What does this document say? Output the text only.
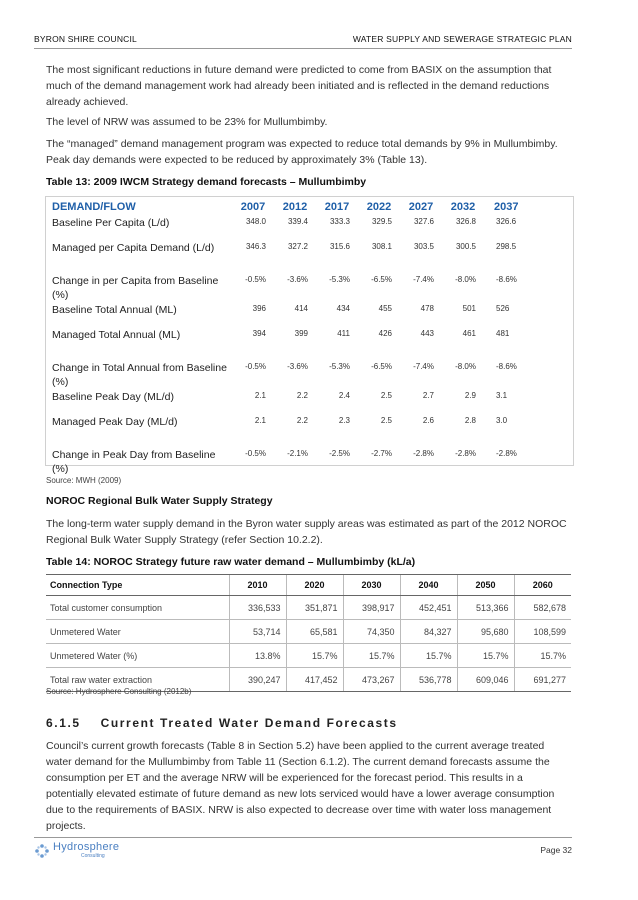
BYRON SHIRE COUNCIL	WATER SUPPLY AND SEWERAGE STRATEGIC PLAN
The most significant reductions in future demand were predicted to come from BASIX on the assumption that much of the demand management work had already been initiated and is reflected in the demand reductions already achieved.
The level of NRW was assumed to be 23% for Mullumbimby.
The “managed” demand management program was expected to reduce total demands by 9% in Mullumbimby. Peak day demands were expected to be reduced by approximately 3% (Table 13).
Table 13: 2009 IWCM Strategy demand forecasts – Mullumbimby
DEMAND/FLOW	2007	2012	2017	2022	2027	2032	2037
Baseline Per Capita (L/d)	348.0	339.4	333.3	329.5	327.6	326.8	326.6
Managed per Capita Demand (L/d)	346.3	327.2	315.6	308.1	303.5	300.5	298.5
Change in per Capita from Baseline (%)	-0.5%	-3.6%	-5.3%	-6.5%	-7.4%	-8.0%	-8.6%
Baseline Total Annual (ML)	396	414	434	455	478	501	526
Managed Total Annual (ML)	394	399	411	426	443	461	481
Change in Total Annual from Baseline (%)	-0.5%	-3.6%	-5.3%	-6.5%	-7.4%	-8.0%	-8.6%
Baseline Peak Day (ML/d)	2.1	2.2	2.4	2.5	2.7	2.9	3.1
Managed Peak Day (ML/d)	2.1	2.2	2.3	2.5	2.6	2.8	3.0
Change in Peak Day from Baseline (%)	-0.5%	-2.1%	-2.5%	-2.7%	-2.8%	-2.8%	-2.8%
Source: MWH (2009)
NOROC Regional Bulk Water Supply Strategy
The long-term water supply demand in the Byron water supply areas was estimated as part of the 2012 NOROC Regional Bulk Water Supply Strategy (refer Section 10.2.2).
Table 14: NOROC Strategy future raw water demand – Mullumbimby (kL/a)
Connection Type	2010	2020	2030	2040	2050	2060
Total customer consumption	336,533	351,871	398,917	452,451	513,366	582,678
Unmetered Water	53,714	65,581	74,350	84,327	95,680	108,599
Unmetered Water (%)	13.8%	15.7%	15.7%	15.7%	15.7%	15.7%
Total raw water extraction	390,247	417,452	473,267	536,778	609,046	691,277
Source: Hydrosphere Consulting (2012b)
6.1.5 Current Treated Water Demand Forecasts
Council’s current growth forecasts (Table 8 in Section 5.2) have been applied to the current average treated water demand for the Mullumbimby from Table 11 (Section 6.1.2). The current demand forecasts assume the consumption per ET and the average NRW will be experienced for the forecast period. This results in a potentially elevated estimate of future demand as new lots serviced would have a lower average consumption due to the requirements of BASIX. NRW is also expected to decrease over time with water loss management projects.
Hydrosphere
Consulting
Page 32
